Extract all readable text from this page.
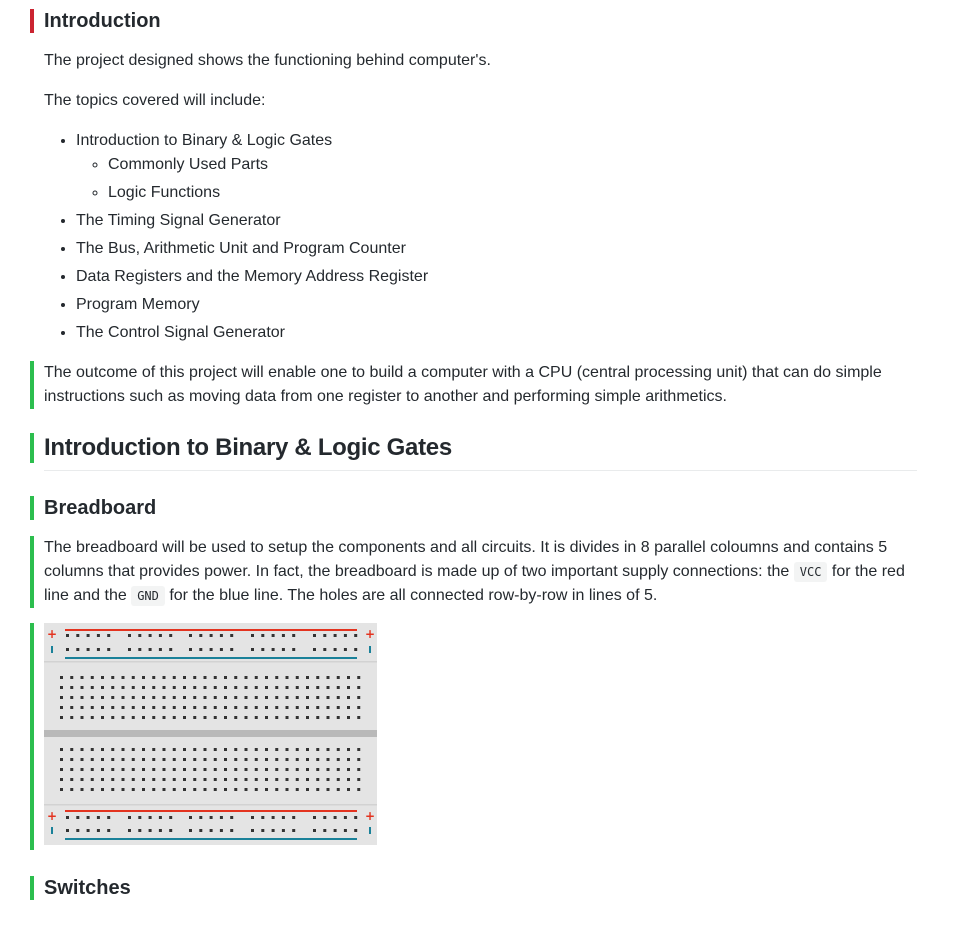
Introduction

The project designed shows the functioning behind computer's.

The topics covered will include:

• Introduction to Binary & Logic Gates
◦ Commonly Used Parts
◦ Logic Functions
• The Timing Signal Generator
• The Bus, Arithmetic Unit and Program Counter
• Data Registers and the Memory Address Register
• Program Memory
• The Control Signal Generator
The outcome of this project will enable one to build a computer with a CPU (central processing unit) that can do simple instructions such as moving data from one register to another and performing simple arithmetics.
Introduction to Binary & Logic Gates
Breadboard
The breadboard will be used to setup the components and all circuits. It is divides in 8 parallel coloumns and contains 5 columns that provides power. In fact, the breadboard is made up of two important supply connections: the VCC for the red line and the GND for the blue line. The holes are all connected row-by-row in lines of 5.
+	+
+	+
Switches
